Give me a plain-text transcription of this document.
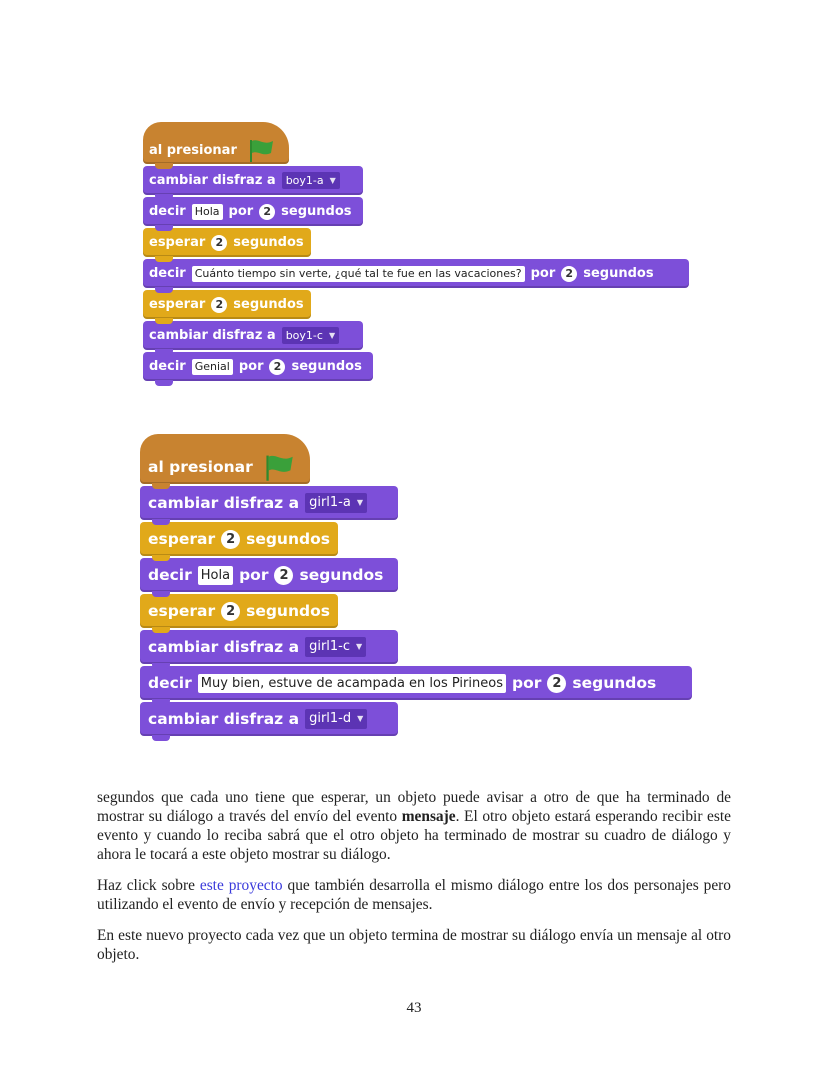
al presionar
cambiar disfraz a boy1-a ▼
decir Hola por 2 segundos
esperar 2 segundos
decir Cuánto tiempo sin verte, ¿qué tal te fue en las vacaciones? por 2 segundos
esperar 2 segundos
cambiar disfraz a boy1-c ▼
decir Genial por 2 segundos
al presionar
cambiar disfraz a girl1-a ▼
esperar 2 segundos
decir Hola por 2 segundos
esperar 2 segundos
cambiar disfraz a girl1-c ▼
decir Muy bien, estuve de acampada en los Pirineos por 2 segundos
cambiar disfraz a girl1-d ▼

segundos que cada uno tiene que esperar, un objeto puede avisar a otro de que ha terminado de mostrar su diálogo a través del envío del evento mensaje. El otro objeto estará esperando recibir este evento y cuando lo reciba sabrá que el otro objeto ha terminado de mostrar su cuadro de diálogo y ahora le tocará a este objeto mostrar su diálogo.

Haz click sobre este proyecto que también desarrolla el mismo diálogo entre los dos personajes pero utilizando el evento de envío y recepción de mensajes.

En este nuevo proyecto cada vez que un objeto termina de mostrar su diálogo envía un mensaje al otro objeto.

43
